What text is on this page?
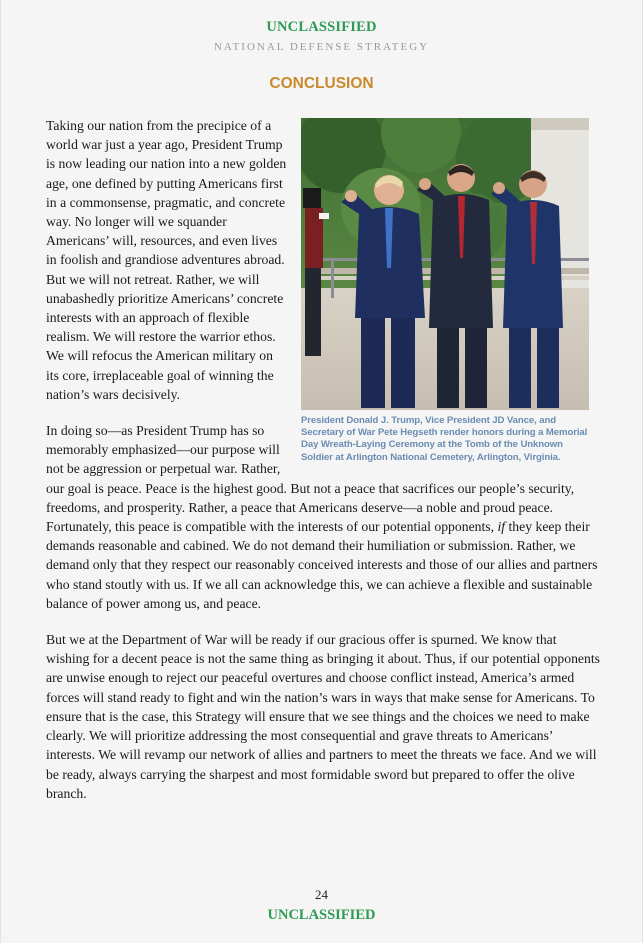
UNCLASSIFIED
NATIONAL DEFENSE STRATEGY
CONCLUSION
President Donald J. Trump, Vice President JD Vance, and Secretary of War Pete Hegseth render honors during a Memorial Day Wreath-Laying Ceremony at the Tomb of the Unknown Soldier at Arlington National Cemetery, Arlington, Virginia.

Taking our nation from the precipice of a world war just a year ago, President Trump is now leading our nation into a new golden age, one defined by putting Americans first in a commonsense, pragmatic, and concrete way. No longer will we squander Americans’ will, resources, and even lives in foolish and grandiose adventures abroad. But we will not retreat. Rather, we will unabashedly prioritize Americans’ concrete interests with an approach of flexible realism. We will restore the warrior ethos. We will refocus the American military on its core, irreplaceable goal of winning the nation’s wars decisively.

In doing so—as President Trump has so memorably emphasized—our purpose will not be aggression or perpetual war. Rather, our goal is peace. Peace is the highest good. But not a peace that sacrifices our people’s security, freedoms, and prosperity. Rather, a peace that Americans deserve—a noble and proud peace. Fortunately, this peace is compatible with the interests of our potential opponents, if they keep their demands reasonable and cabined. We do not demand their humiliation or submission. Rather, we demand only that they respect our reasonably conceived interests and those of our allies and partners who stand stoutly with us. If we all can acknowledge this, we can achieve a flexible and sustainable balance of power among us, and peace.

But we at the Department of War will be ready if our gracious offer is spurned. We know that wishing for a decent peace is not the same thing as bringing it about. Thus, if our potential opponents are unwise enough to reject our peaceful overtures and choose conflict instead, America’s armed forces will stand ready to fight and win the nation’s wars in ways that make sense for Americans. To ensure that is the case, this Strategy will ensure that we see things and the choices we need to make clearly. We will prioritize addressing the most consequential and grave threats to Americans’ interests. We will revamp our network of allies and partners to meet the threats we face. And we will be ready, always carrying the sharpest and most formidable sword but prepared to offer the olive branch.

24
UNCLASSIFIED
